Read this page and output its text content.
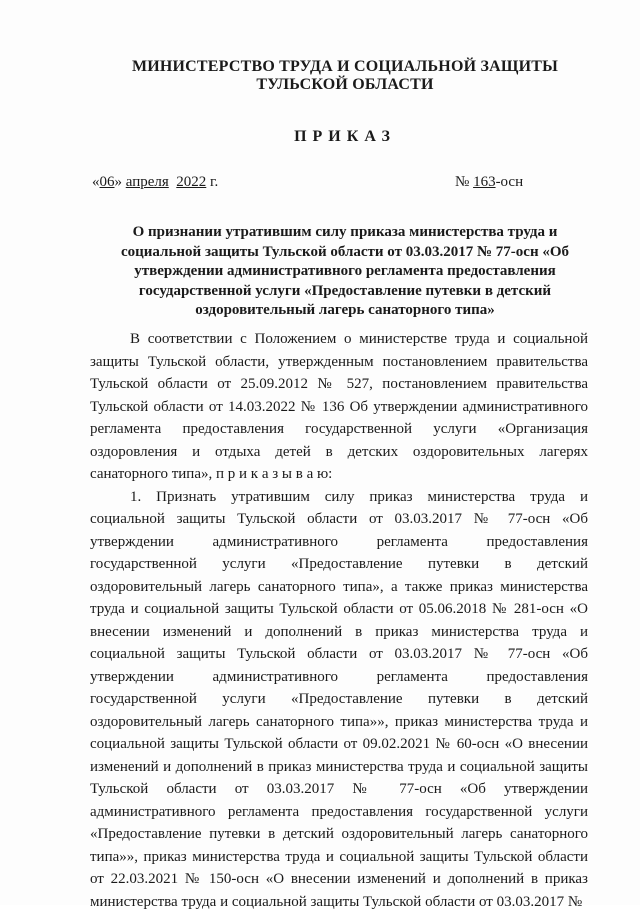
МИНИСТЕРСТВО ТРУДА И СОЦИАЛЬНОЙ ЗАЩИТЫ
ТУЛЬСКОЙ ОБЛАСТИ
ПРИКАЗ
«06» апреля 2022 г.	№ 163-осн
О признании утратившим силу приказа министерства труда и социальной защиты Тульской области от 03.03.2017 № 77-осн «Об утверждении административного регламента предоставления государственной услуги «Предоставление путевки в детский оздоровительный лагерь санаторного типа»

В соответствии с Положением о министерстве труда и социальной защиты Тульской области, утвержденным постановлением правительства Тульской области от 25.09.2012 № 527, постановлением правительства Тульской области от 14.03.2022 № 136 Об утверждении административного регламента предоставления государственной услуги «Организация оздоровления и отдыха детей в детских оздоровительных лагерях санаторного типа», п р и к а з ы в а ю:

1. Признать утратившим силу приказ министерства труда и социальной защиты Тульской области от 03.03.2017 № 77-осн «Об утверждении административного регламента предоставления государственной услуги «Предоставление путевки в детский оздоровительный лагерь санаторного типа», а также приказ министерства труда и социальной защиты Тульской области от 05.06.2018 № 281-осн «О внесении изменений и дополнений в приказ министерства труда и социальной защиты Тульской области от 03.03.2017 № 77-осн «Об утверждении административного регламента предоставления государственной услуги «Предоставление путевки в детский оздоровительный лагерь санаторного типа»», приказ министерства труда и социальной защиты Тульской области от 09.02.2021 № 60-осн «О внесении изменений и дополнений в приказ министерства труда и социальной защиты Тульской области от 03.03.2017 № 77-осн «Об утверждении административного регламента предоставления государственной услуги «Предоставление путевки в детский оздоровительный лагерь санаторного типа»», приказ министерства труда и социальной защиты Тульской области от 22.03.2021 № 150-осн «О внесении изменений и дополнений в приказ министерства труда и социальной защиты Тульской области от 03.03.2017 №
